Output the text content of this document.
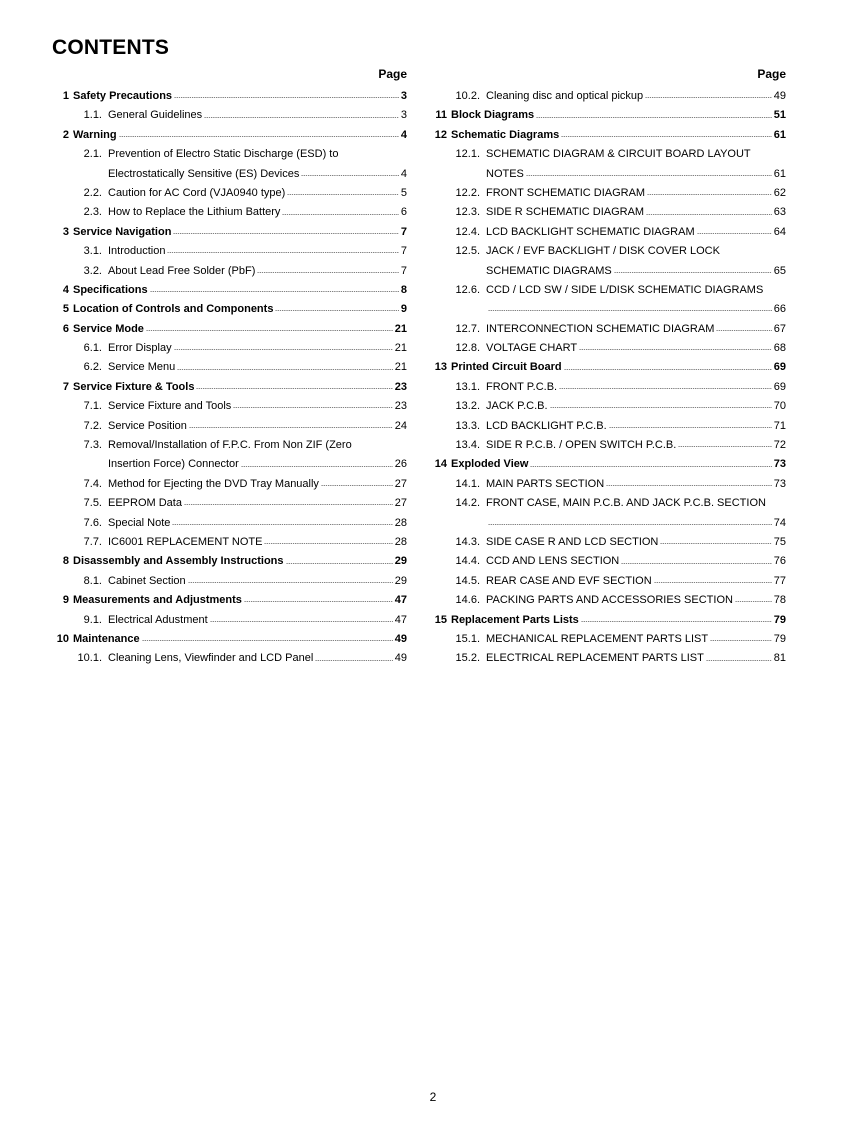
CONTENTS
Page
1 Safety Precautions	3
1.1. General Guidelines	3
2 Warning	4
2.1. Prevention of Electro Static Discharge (ESD) to
Electrostatically Sensitive (ES) Devices	4
2.2. Caution for AC Cord (VJA0940 type)	5
2.3. How to Replace the Lithium Battery	6
3 Service Navigation	7
3.1. Introduction	7
3.2. About Lead Free Solder (PbF)	7
4 Specifications	8
5 Location of Controls and Components	9
6 Service Mode	21
6.1. Error Display	21
6.2. Service Menu	21
7 Service Fixture & Tools	23
7.1. Service Fixture and Tools	23
7.2. Service Position	24
7.3. Removal/Installation of F.P.C. From Non ZIF (Zero
Insertion Force) Connector	26
7.4. Method for Ejecting the DVD Tray Manually	27
7.5. EEPROM Data	27
7.6. Special Note	28
7.7. IC6001 REPLACEMENT NOTE	28
8 Disassembly and Assembly Instructions	29
8.1. Cabinet Section	29
9 Measurements and Adjustments	47
9.1. Electrical Adustment	47
10 Maintenance	49
10.1. Cleaning Lens, Viewfinder and LCD Panel	49
Page
10.2. Cleaning disc and optical pickup	49
11 Block Diagrams	51
12 Schematic Diagrams	61
12.1. SCHEMATIC DIAGRAM & CIRCUIT BOARD LAYOUT
NOTES	61
12.2. FRONT SCHEMATIC DIAGRAM	62
12.3. SIDE R SCHEMATIC DIAGRAM	63
12.4. LCD BACKLIGHT SCHEMATIC DIAGRAM	64
12.5. JACK / EVF BACKLIGHT / DISK COVER LOCK
SCHEMATIC DIAGRAMS	65
12.6. CCD / LCD SW / SIDE L/DISK SCHEMATIC DIAGRAMS
66
12.7. INTERCONNECTION SCHEMATIC DIAGRAM	67
12.8. VOLTAGE CHART	68
13 Printed Circuit Board	69
13.1. FRONT P.C.B.	69
13.2. JACK P.C.B.	70
13.3. LCD BACKLIGHT P.C.B.	71
13.4. SIDE R P.C.B. / OPEN SWITCH P.C.B.	72
14 Exploded View	73
14.1. MAIN PARTS SECTION	73
14.2. FRONT CASE, MAIN P.C.B. AND JACK P.C.B. SECTION
74
14.3. SIDE CASE R AND LCD SECTION	75
14.4. CCD AND LENS SECTION	76
14.5. REAR CASE AND EVF SECTION	77
14.6. PACKING PARTS AND ACCESSORIES SECTION	78
15 Replacement Parts Lists	79
15.1. MECHANICAL REPLACEMENT PARTS LIST	79
15.2. ELECTRICAL REPLACEMENT PARTS LIST	81
2
